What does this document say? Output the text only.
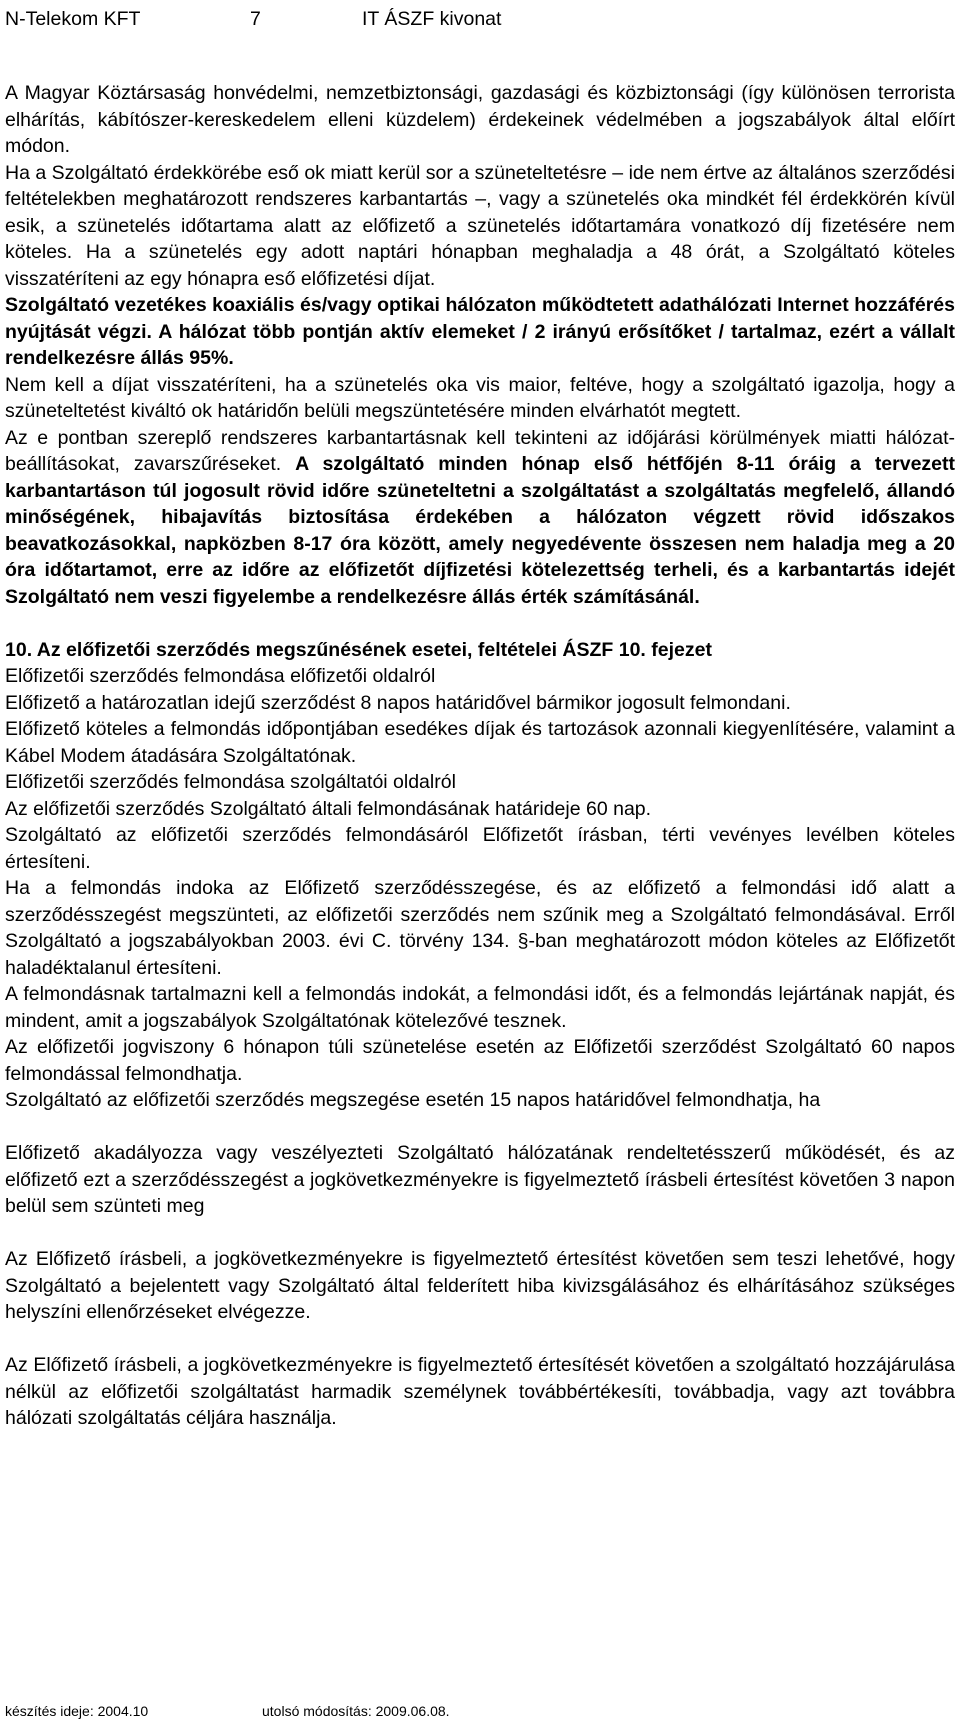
N-Telekom KFT	7	IT ÁSZF kivonat

A Magyar Köztársaság honvédelmi, nemzetbiztonsági, gazdasági és közbiztonsági (így különösen terrorista elhárítás, kábítószer-kereskedelem elleni küzdelem) érdekeinek védelmében a jogszabályok által előírt módon.

Ha a Szolgáltató érdekkörébe eső ok miatt kerül sor a szüneteltetésre – ide nem értve az általános szerződési feltételekben meghatározott rendszeres karbantartás –, vagy a szünetelés oka mindkét fél érdekkörén kívül esik, a szünetelés időtartama alatt az előfizető a szünetelés időtartamára vonatkozó díj fizetésére nem köteles. Ha a szünetelés egy adott naptári hónapban meghaladja a 48 órát, a Szolgáltató köteles visszatéríteni az egy hónapra eső előfizetési díjat.

Szolgáltató vezetékes koaxiális és/vagy optikai hálózaton működtetett adathálózati Internet hozzáférés nyújtását végzi. A hálózat több pontján aktív elemeket / 2 irányú erősítőket / tartalmaz, ezért a vállalt rendelkezésre állás 95%.

Nem kell a díjat visszatéríteni, ha a szünetelés oka vis maior, feltéve, hogy a szolgáltató igazolja, hogy a szüneteltetést kiváltó ok határidőn belüli megszüntetésére minden elvárhatót megtett.

Az e pontban szereplő rendszeres karbantartásnak kell tekinteni az időjárási körülmények miatti hálózat-beállításokat, zavarszűréseket. A szolgáltató minden hónap első hétfőjén 8-11 óráig a tervezett karbantartáson túl jogosult rövid időre szüneteltetni a szolgáltatást a szolgáltatás megfelelő, állandó minőségének, hibajavítás biztosítása érdekében a hálózaton végzett rövid időszakos beavatkozásokkal, napközben 8-17 óra között, amely negyedévente összesen nem haladja meg a 20 óra időtartamot, erre az időre az előfizetőt díjfizetési kötelezettség terheli, és a karbantartás idejét Szolgáltató nem veszi figyelembe a rendelkezésre állás érték számításánál.

10. Az előfizetői szerződés megszűnésének esetei, feltételei ÁSZF 10. fejezet

Előfizetői szerződés felmondása előfizetői oldalról

Előfizető a határozatlan idejű szerződést 8 napos határidővel bármikor jogosult felmondani.

Előfizető köteles a felmondás időpontjában esedékes díjak és tartozások azonnali kiegyenlítésére, valamint a Kábel Modem átadására Szolgáltatónak.

Előfizetői szerződés felmondása szolgáltatói oldalról

Az előfizetői szerződés Szolgáltató általi felmondásának határideje 60 nap.

Szolgáltató az előfizetői szerződés felmondásáról Előfizetőt írásban, térti vevényes levélben köteles értesíteni.

Ha a felmondás indoka az Előfizető szerződésszegése, és az előfizető a felmondási idő alatt a szerződésszegést megszünteti, az előfizetői szerződés nem szűnik meg a Szolgáltató felmondásával. Erről Szolgáltató a jogszabályokban 2003. évi C. törvény 134. §-ban meghatározott módon köteles az Előfizetőt haladéktalanul értesíteni.

A felmondásnak tartalmazni kell a felmondás indokát, a felmondási időt, és a felmondás lejártának napját, és mindent, amit a jogszabályok Szolgáltatónak kötelezővé tesznek.

Az előfizetői jogviszony 6 hónapon túli szünetelése esetén az Előfizetői szerződést Szolgáltató 60 napos felmondással felmondhatja.

Szolgáltató az előfizetői szerződés megszegése esetén 15 napos határidővel felmondhatja, ha

Előfizető akadályozza vagy veszélyezteti Szolgáltató hálózatának rendeltetésszerű működését, és az előfizető ezt a szerződésszegést a jogkövetkezményekre is figyelmeztető írásbeli értesítést követően 3 napon belül sem szünteti meg

Az Előfizető írásbeli, a jogkövetkezményekre is figyelmeztető értesítést követően sem teszi lehetővé, hogy Szolgáltató a bejelentett vagy Szolgáltató által felderített hiba kivizsgálásához és elhárításához szükséges helyszíni ellenőrzéseket elvégezze.

Az Előfizető írásbeli, a jogkövetkezményekre is figyelmeztető értesítését követően a szolgáltató hozzájárulása nélkül az előfizetői szolgáltatást harmadik személynek továbbértékesíti, továbbadja, vagy azt továbbra hálózati szolgáltatás céljára használja.

készítés ideje: 2004.10	utolsó módosítás: 2009.06.08.
